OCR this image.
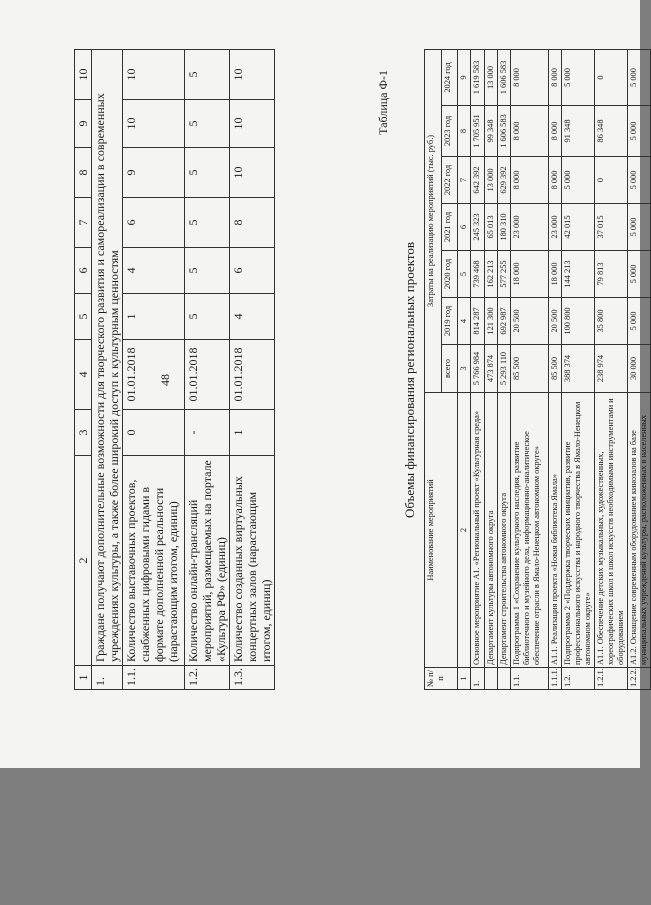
1	2	3	4	5	6	7	8	9	10
1.	Граждане получают дополнительные возможности для творческого развития и самореализации в современных учреждениях культуры, а также более широкий доступ к культурным ценностям								
1.1.	Количество выставочных проектов, снабженных цифровыми гидами в формате дополненной реальности (нарастающим итогом, единиц)	0	01.01.2018	1	4	6	9	10	10
1.2.	Количество онлайн-трансляций мероприятий, размещаемых на портале «Культура РФ» (единиц)	-	01.01.2018	5	5	5	5	5	5
1.3.	Количество созданных виртуальных концертных залов (нарастающим итогом, единиц)	1	01.01.2018	4	6	8	10	10	10
48
Таблица Ф-1
Объемы финансирования региональных проектов
№ п/п	Наименование мероприятий	Затраты на реализацию мероприятий (тыс. руб.)						
		всего	2019 год	2020 год	2021 год	2022 год	2023 год	2024 год
1	2	3	4	5	6	7	8	9
1.	Основное мероприятие А1. «Региональный проект «Культурная среда»	5 766 984	814 287	739 468	245 323	642 392	1 705 951	1 619 583
	Департамент культуры автономного округа	473 874	121 300	162 213	65 013	13 000	99 348	13 000
	Департамент строительства автономного округа	5 293 110	692 987	577 255	180 310	629 392	1 606 583	1 606 583
1.1.	Подпрограмма 1 «Сохранение культурного наследия, развитие библиотечного и музейного дела, информационно-аналитическое обеспечение отрасли в Ямало-Ненецком автономном округе»	85 500	20 500	18 000	23 000	8 000	8 000	8 000
1.1.1.	А1.1. Реализация проекта «Новая библиотека Ямала»	85 500	20 500	18 000	23 000	8 000	8 000	8 000
1.2.	Подпрограмма 2 «Поддержка творческих инициатив, развитие профессионального искусства и народного творчества в Ямало-Ненецком автономном округе»	388 374	100 800	144 213	42 015	5 000	91 348	5 000
1.2.1.	А1.1. Обеспечение детских музыкальных, художественных, хореографических школ и школ искусств необходимыми инструментами и оборудованием	238 974	35 800	79 813	37 015	0	86 348	0
1.2.2.	А1.2. Оснащение современным оборудованием кинозалов на базе муниципальных учреждений культуры, расположенных в населенных	30 000	5 000	5 000	5 000	5 000	5 000	5 000
